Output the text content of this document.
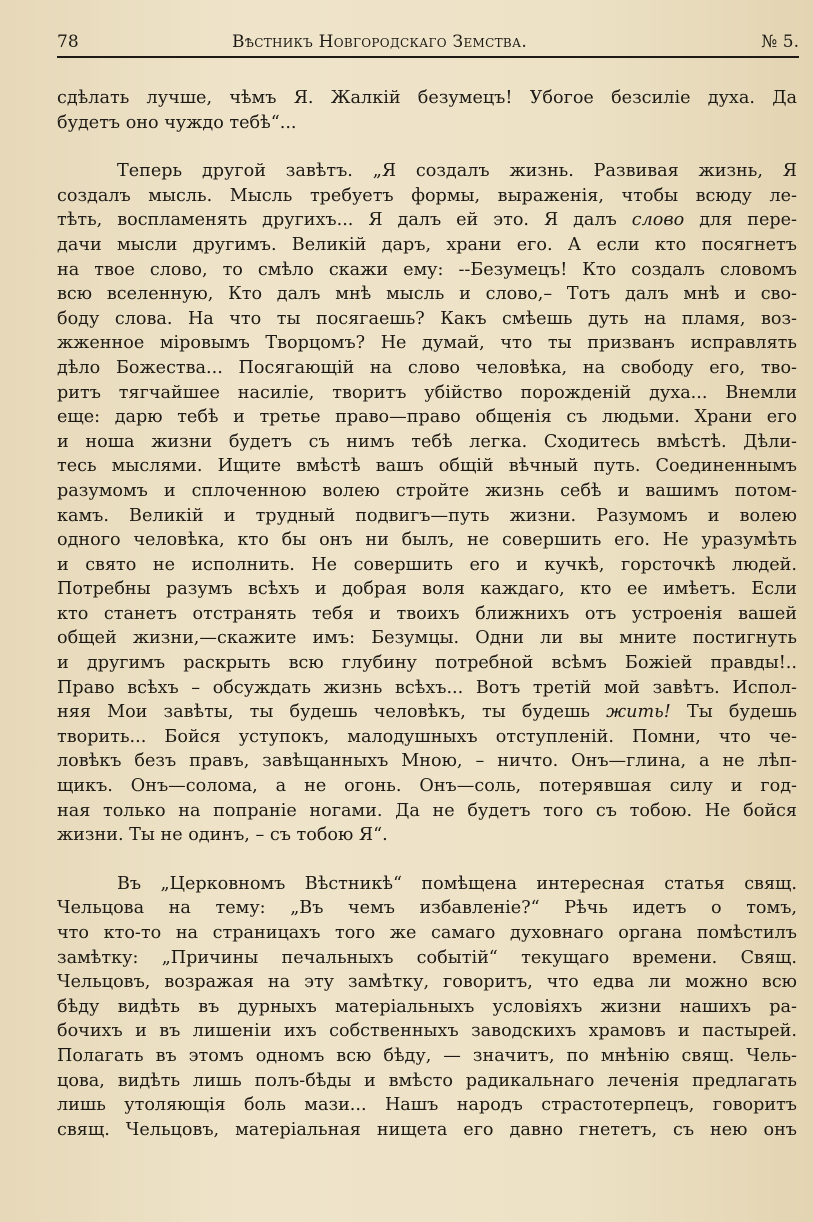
78	Вѣстникъ Новгородскаго Земства.	№ 5.

сдѣлать лучше, чѣмъ Я. Жалкій безумецъ! Убогое безсиліе духа. Да

будетъ оно чуждо тебѣ“...

Теперь другой завѣтъ. „Я создалъ жизнь. Развивая жизнь, Я

создалъ мысль. Мысль требуетъ формы, выраженія, чтобы всюду ле-

тѣть, воспламенять другихъ... Я далъ ей это. Я далъ слово для пере-

дачи мысли другимъ. Великій даръ, храни его. А если кто посягнетъ

на твое слово, то смѣло скажи ему: --Безумецъ! Кто создалъ словомъ

всю вселенную, Кто далъ мнѣ мысль и слово,– Тотъ далъ мнѣ и сво-

боду слова. На что ты посягаешь? Какъ смѣешь дуть на пламя, воз-

жженное міровымъ Творцомъ? Не думай, что ты призванъ исправлять

дѣло Божества... Посягающій на слово человѣка, на свободу его, тво-

ритъ тягчайшее насиліе, творитъ убійство порожденій духа... Внемли

еще: дарю тебѣ и третье право—право общенія съ людьми. Храни его

и ноша жизни будетъ съ нимъ тебѣ легка. Сходитесь вмѣстѣ. Дѣли-

тесь мыслями. Ищите вмѣстѣ вашъ общій вѣчный путь. Соединеннымъ

разумомъ и сплоченною волею стройте жизнь себѣ и вашимъ потом-

камъ. Великій и трудный подвигъ—путь жизни. Разумомъ и волею

одного человѣка, кто бы онъ ни былъ, не совершить его. Не уразумѣть

и свято не исполнить. Не совершить его и кучкѣ, горсточкѣ людей.

Потребны разумъ всѣхъ и добрая воля каждаго, кто ее имѣетъ. Если

кто станетъ отстранять тебя и твоихъ ближнихъ отъ устроенія вашей

общей жизни,—скажите имъ: Безумцы. Одни ли вы мните постигнуть

и другимъ раскрыть всю глубину потребной всѣмъ Божіей правды!..

Право всѣхъ – обсуждать жизнь всѣхъ... Вотъ третій мой завѣтъ. Испол-

няя Мои завѣты, ты будешь человѣкъ, ты будешь жить! Ты будешь

творить... Бойся уступокъ, малодушныхъ отступленій. Помни, что че-

ловѣкъ безъ правъ, завѣщанныхъ Мною, – ничто. Онъ—глина, а не лѣп-

щикъ. Онъ—солома, а не огонь. Онъ—соль, потерявшая силу и год-

ная только на попраніе ногами. Да не будетъ того съ тобою. Не бойся

жизни. Ты не одинъ, – съ тобою Я“.

Въ „Церковномъ Вѣстникѣ“ помѣщена интересная статья свящ.

Чельцова на тему: „Въ чемъ избавленіе?“ Рѣчь идетъ о томъ,

что кто-то на страницахъ того же самаго духовнаго органа помѣстилъ

замѣтку: „Причины печальныхъ событій“ текущаго времени. Свящ.

Чельцовъ, возражая на эту замѣтку, говоритъ, что едва ли можно всю

бѣду видѣть въ дурныхъ матеріальныхъ условіяхъ жизни нашихъ ра-

бочихъ и въ лишеніи ихъ собственныхъ заводскихъ храмовъ и пастырей.

Полагать въ этомъ одномъ всю бѣду, — значитъ, по мнѣнію свящ. Чель-

цова, видѣть лишь полъ-бѣды и вмѣсто радикальнаго леченія предлагать

лишь утоляющія боль мази... Нашъ народъ страстотерпецъ, говоритъ

свящ. Чельцовъ, матеріальная нищета его давно гнететъ, съ нею онъ
